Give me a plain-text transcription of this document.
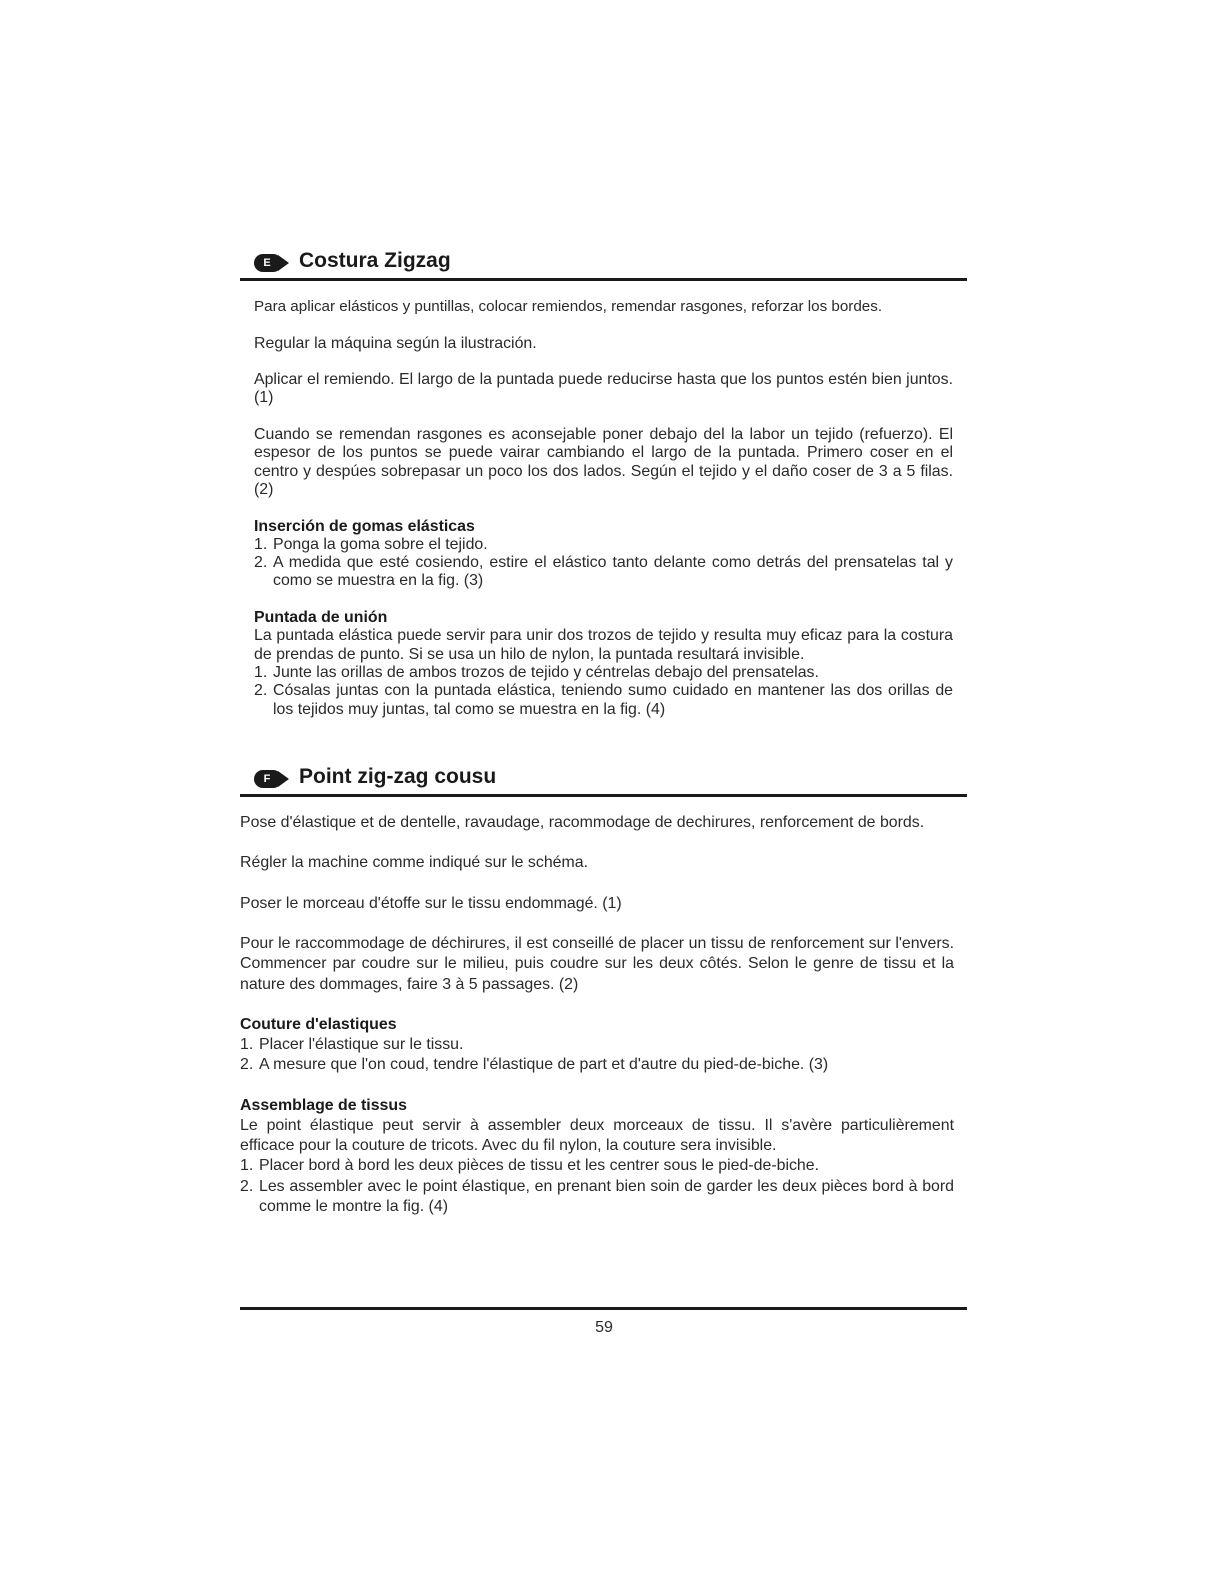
E	Costura Zigzag

Para aplicar elásticos y puntillas, colocar remiendos, remendar rasgones, reforzar los bordes.

Regular la máquina según la ilustración.

Aplicar el remiendo. El largo de la puntada puede reducirse hasta que los puntos estén bien juntos. (1)

Cuando se remendan rasgones es aconsejable poner debajo del la labor un tejido (refuerzo). El espesor de los puntos se puede vairar cambiando el largo de la puntada. Primero coser en el centro y despúes sobrepasar un poco los dos lados. Según el tejido y el daño coser de 3 a 5 filas. (2)

Inserción de gomas elásticas

1. Ponga la goma sobre el tejido.
2. A medida que esté cosiendo, estire el elástico tanto delante como detrás del prensatelas tal y como se muestra en la fig. (3)

Puntada de unión

La puntada elástica puede servir para unir dos trozos de tejido y resulta muy eficaz para la costura de prendas de punto. Si se usa un hilo de nylon, la puntada resultará invisible.

1. Junte las orillas de ambos trozos de tejido y céntrelas debajo del prensatelas.
2. Cósalas juntas con la puntada elástica, teniendo sumo cuidado en mantener las dos orillas de los tejidos muy juntas, tal como se muestra en la fig. (4)
F	Point zig-zag cousu

Pose d'élastique et de dentelle, ravaudage, racommodage de dechirures, renforcement de bords.

Régler la machine comme indiqué sur le schéma.

Poser le morceau d'étoffe sur le tissu endommagé. (1)

Pour le raccommodage de déchirures, il est conseillé de placer un tissu de renforcement sur l'envers. Commencer par coudre sur le milieu, puis coudre sur les deux côtés. Selon le genre de tissu et la nature des dommages, faire 3 à 5 passages. (2)

Couture d'elastiques

1. Placer l'élastique sur le tissu.
2. A mesure que l'on coud, tendre l'élastique de part et d'autre du pied-de-biche. (3)

Assemblage de tissus

Le point élastique peut servir à assembler deux morceaux de tissu. Il s'avère particulièrement efficace pour la couture de tricots. Avec du fil nylon, la couture sera invisible.

1. Placer bord à bord les deux pièces de tissu et les centrer sous le pied-de-biche.
2. Les assembler avec le point élastique, en prenant bien soin de garder les deux pièces bord à bord comme le montre la fig. (4)
59
